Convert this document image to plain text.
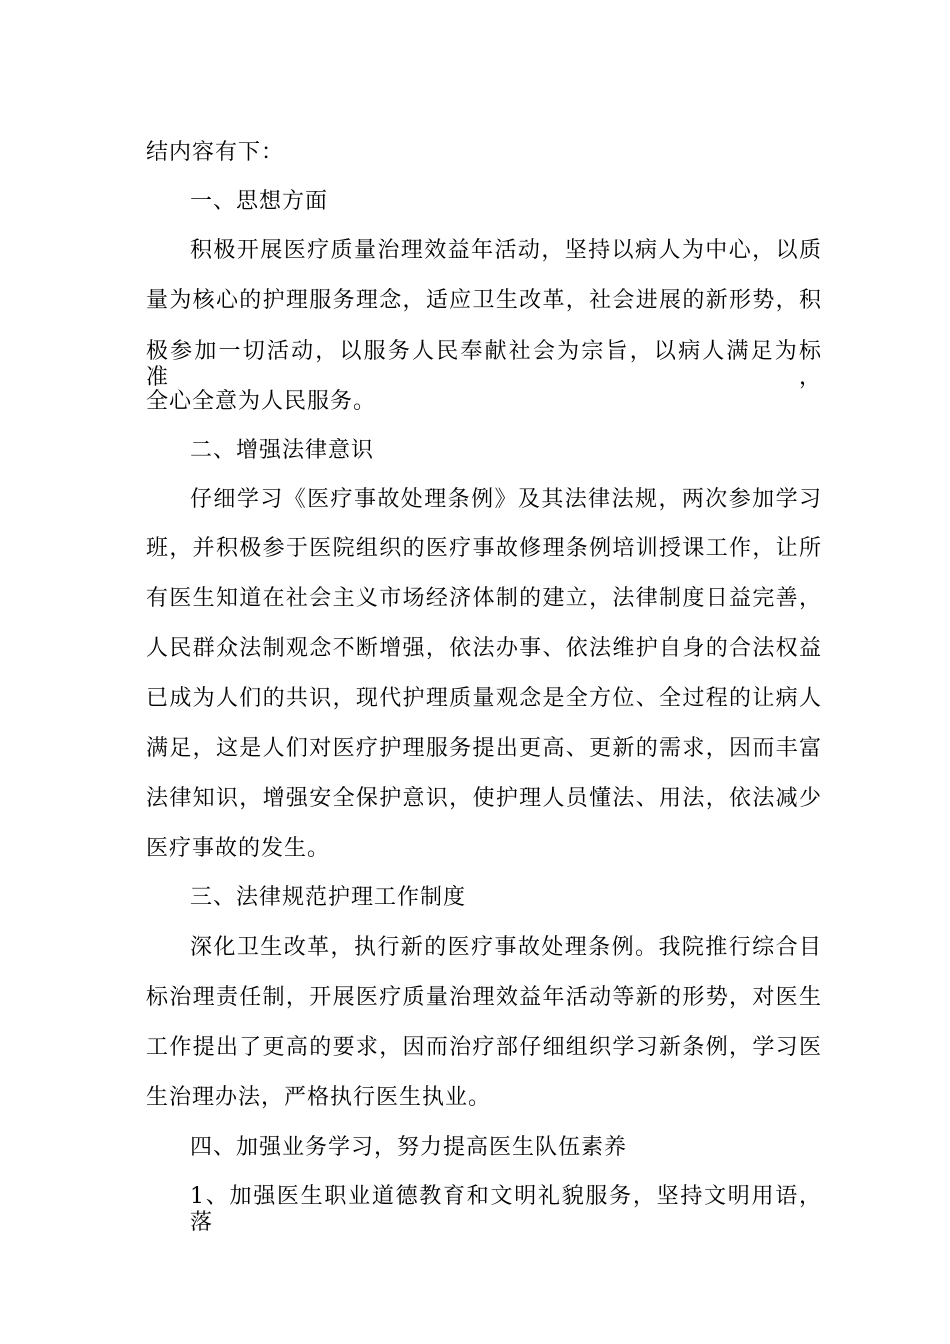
结内容有下：
一、思想方面
积极开展医疗质量治理效益年活动，坚持以病人为中心，以质
量为核心的护理服务理念，适应卫生改革，社会进展的新形势，积
极参加一切活动，以服务人民奉献社会为宗旨，以病人满足为标准，
全心全意为人民服务。
二、增强法律意识
仔细学习《医疗事故处理条例》及其法律法规，两次参加学习
班，并积极参于医院组织的医疗事故修理条例培训授课工作，让所
有医生知道在社会主义市场经济体制的建立，法律制度日益完善，
人民群众法制观念不断增强，依法办事、依法维护自身的合法权益
已成为人们的共识，现代护理质量观念是全方位、全过程的让病人
满足，这是人们对医疗护理服务提出更高、更新的需求，因而丰富
法律知识，增强安全保护意识，使护理人员懂法、用法，依法减少
医疗事故的发生。
三、法律规范护理工作制度
深化卫生改革，执行新的医疗事故处理条例。我院推行综合目
标治理责任制，开展医疗质量治理效益年活动等新的形势，对医生
工作提出了更高的要求，因而治疗部仔细组织学习新条例，学习医
生治理办法，严格执行医生执业。
四、加强业务学习，努力提高医生队伍素养
1、加强医生职业道德教育和文明礼貌服务，坚持文明用语，落
